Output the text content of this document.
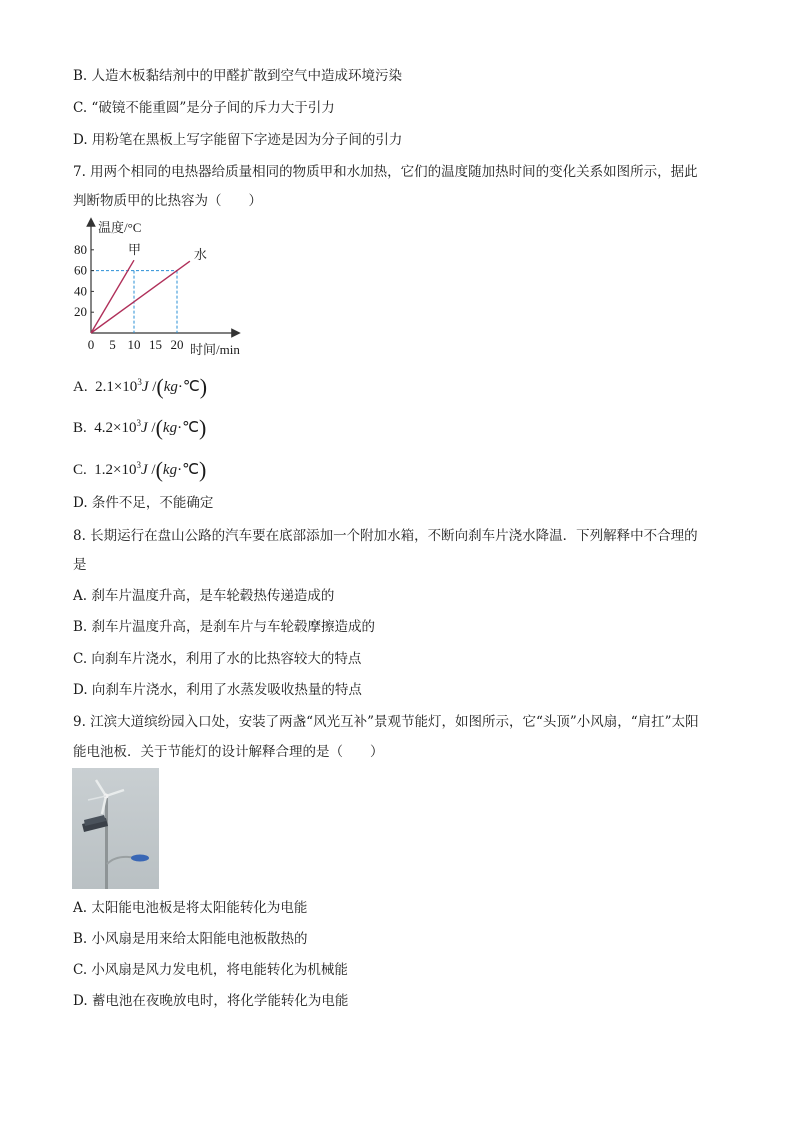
B. 人造木板黏结剂中的甲醛扩散到空气中造成环境污染
C. “破镜不能重圆”是分子间的斥力大于引力
D. 用粉笔在黑板上写字能留下字迹是因为分子间的引力
7. 用两个相同的电热器给质量相同的物质甲和水加热，它们的温度随加热时间的变化关系如图所示，据此
判断物质甲的比热容为（　　）
温度/°C
时间/min
0 5 10 15 20
20
40
60
80	甲	水
A. $2.1\times 10^3J$ /(kg·℃)
B. $4.2\times 10^3J$ /(kg·℃)
C. $1.2\times 10^3J$ /(kg·℃)
D. 条件不足，不能确定
8. 长期运行在盘山公路的汽车要在底部添加一个附加水箱，不断向刹车片浇水降温．下列解释中不合理的
是
A. 刹车片温度升高，是车轮毂热传递造成的
B. 刹车片温度升高，是刹车片与车轮毂摩擦造成的
C. 向刹车片浇水，利用了水的比热容较大的特点
D. 向刹车片浇水，利用了水蒸发吸收热量的特点
9. 江滨大道缤纷园入口处，安装了两盏“风光互补”景观节能灯，如图所示，它“头顶”小风扇，“肩扛”太阳
能电池板．关于节能灯的设计解释合理的是（　　）
A. 太阳能电池板是将太阳能转化为电能
B. 小风扇是用来给太阳能电池板散热的
C. 小风扇是风力发电机，将电能转化为机械能
D. 蓄电池在夜晚放电时，将化学能转化为电能
